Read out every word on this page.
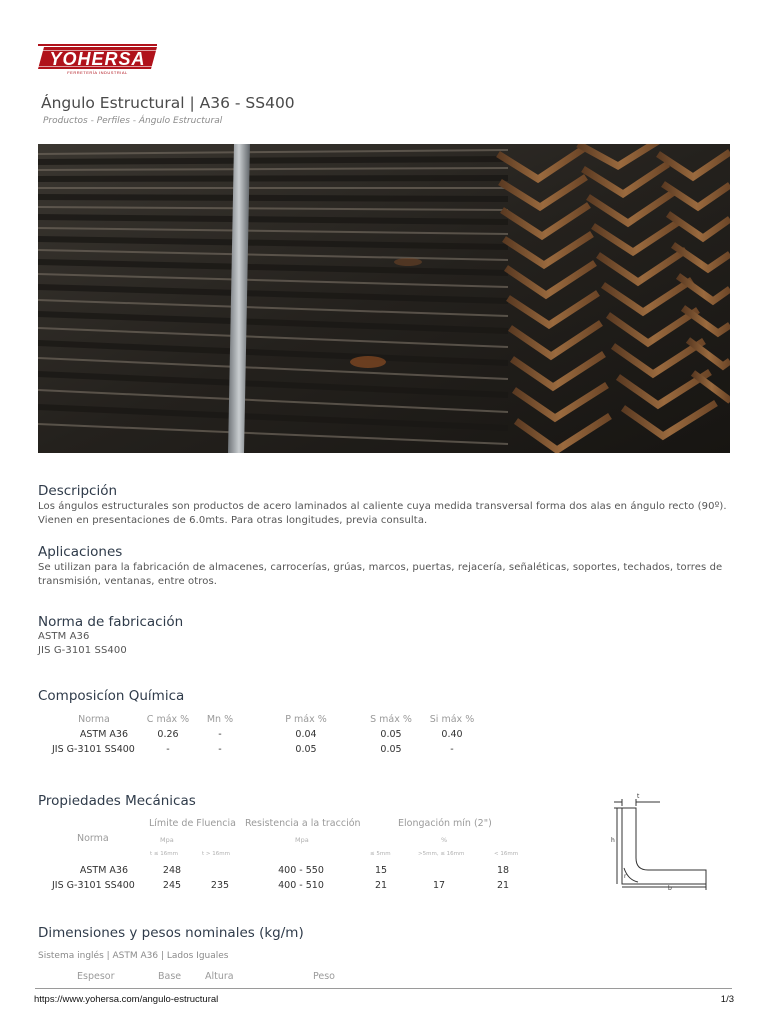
YOHERSA
FERRETERÍA INDUSTRIAL
Ángulo Estructural | A36 - SS400
Productos - Perfiles - Ángulo Estructural
Descripción
Los ángulos estructurales son productos de acero laminados al caliente cuya medida transversal forma dos alas en ángulo recto (90º).
Vienen en presentaciones de 6.0mts. Para otras longitudes, previa consulta.
Aplicaciones
Se utilizan para la fabricación de almacenes, carrocerías, grúas, marcos, puertas, rejacería, señaléticas, soportes, techados, torres de
transmisión, ventanas, entre otros.
Norma de fabricación
ASTM A36
JIS G-3101 SS400
Composicíon Química
Norma	C máx %	Mn %	P máx %	S máx %	Si máx %
ASTM A36	0.26	-	0.04	0.05	0.40
JIS G-3101 SS400	-	-	0.05	0.05	-
Propiedades Mecánicas
Límite de Fluencia Resistencia a la tracción	Elongación mín (2")
Norma	Mpa	Mpa	%
t ≤ 16mm	t > 16mm	≤ 5mm	>5mm, ≤ 16mm	< 16mm
ASTM A36	248		400 - 550	15		18
JIS G-3101 SS400	245	235	400 - 510	21	17	21
t
h
r
b
Dimensiones y pesos nominales (kg/m)
Sistema inglés | ASTM A36 | Lados Iguales
Espesor	Base	Altura	Peso
https://www.yohersa.com/angulo-estructural	1/3
